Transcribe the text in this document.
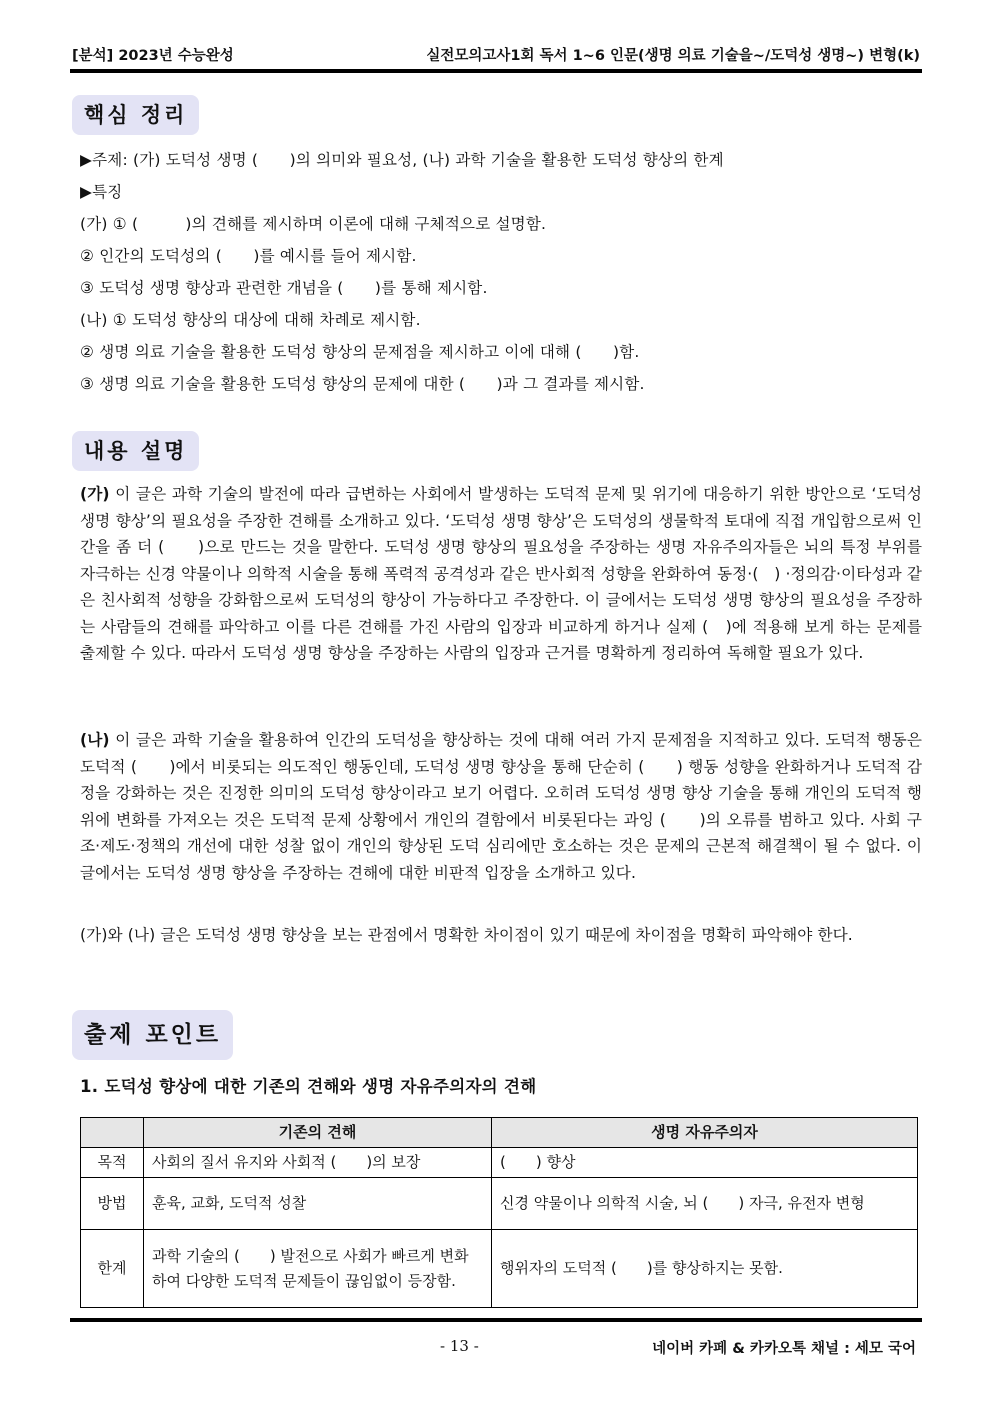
[분석] 2023년 수능완성	실전모의고사1회 독서 1~6 인문(생명 의료 기술을~/도덕성 생명~) 변형(k)
핵심 정리
▶주제: (가) 도덕성 생명 (　　)의 의미와 필요성, (나) 과학 기술을 활용한 도덕성 향상의 한계
▶특징
(가) ① (　　　)의 견해를 제시하며 이론에 대해 구체적으로 설명함.
② 인간의 도덕성의 (　　)를 예시를 들어 제시함.
③ 도덕성 생명 향상과 관련한 개념을 (　　)를 통해 제시함.
(나) ① 도덕성 향상의 대상에 대해 차례로 제시함.
② 생명 의료 기술을 활용한 도덕성 향상의 문제점을 제시하고 이에 대해 (　　)함.
③ 생명 의료 기술을 활용한 도덕성 향상의 문제에 대한 (　　)과 그 결과를 제시함.
내용 설명
(가) 이 글은 과학 기술의 발전에 따라 급변하는 사회에서 발생하는 도덕적 문제 및 위기에 대응하기 위한 방안으로 ‘도덕성 생명 향상’의 필요성을 주장한 견해를 소개하고 있다. ‘도덕성 생명 향상’은 도덕성의 생물학적 토대에 직접 개입함으로써 인간을 좀 더 (　　)으로 만드는 것을 말한다. 도덕성 생명 향상의 필요성을 주장하는 생명 자유주의자들은 뇌의 특정 부위를 자극하는 신경 약물이나 의학적 시술을 통해 폭력적 공격성과 같은 반사회적 성향을 완화하여 동정·(　) ·정의감·이타성과 같은 친사회적 성향을 강화함으로써 도덕성의 향상이 가능하다고 주장한다. 이 글에서는 도덕성 생명 향상의 필요성을 주장하는 사람들의 견해를 파악하고 이를 다른 견해를 가진 사람의 입장과 비교하게 하거나 실제 (　)에 적용해 보게 하는 문제를 출제할 수 있다. 따라서 도덕성 생명 향상을 주장하는 사람의 입장과 근거를 명확하게 정리하여 독해할 필요가 있다.
(나) 이 글은 과학 기술을 활용하여 인간의 도덕성을 향상하는 것에 대해 여러 가지 문제점을 지적하고 있다. 도덕적 행동은 도덕적 (　　)에서 비롯되는 의도적인 행동인데, 도덕성 생명 향상을 통해 단순히 (　　) 행동 성향을 완화하거나 도덕적 감정을 강화하는 것은 진정한 의미의 도덕성 향상이라고 보기 어렵다. 오히려 도덕성 생명 향상 기술을 통해 개인의 도덕적 행위에 변화를 가져오는 것은 도덕적 문제 상황에서 개인의 결함에서 비롯된다는 과잉 (　　)의 오류를 범하고 있다. 사회 구조·제도·정책의 개선에 대한 성찰 없이 개인의 향상된 도덕 심리에만 호소하는 것은 문제의 근본적 해결책이 될 수 없다. 이 글에서는 도덕성 생명 향상을 주장하는 견해에 대한 비판적 입장을 소개하고 있다.
(가)와 (나) 글은 도덕성 생명 향상을 보는 관점에서 명확한 차이점이 있기 때문에 차이점을 명확히 파악해야 한다.
출제 포인트
1. 도덕성 향상에 대한 기존의 견해와 생명 자유주의자의 견해
	기존의 견해	생명 자유주의자
목적	사회의 질서 유지와 사회적 (　　)의 보장	(　　) 향상
방법	훈육, 교화, 도덕적 성찰	신경 약물이나 의학적 시술, 뇌 (　　) 자극, 유전자 변형
한계	과학 기술의 (　　) 발전으로 사회가 빠르게 변화하여 다양한 도덕적 문제들이 끊임없이 등장함.	행위자의 도덕적 (　　)를 향상하지는 못함.
- 13 -	네이버 카페 & 카카오톡 채널 : 세모 국어
